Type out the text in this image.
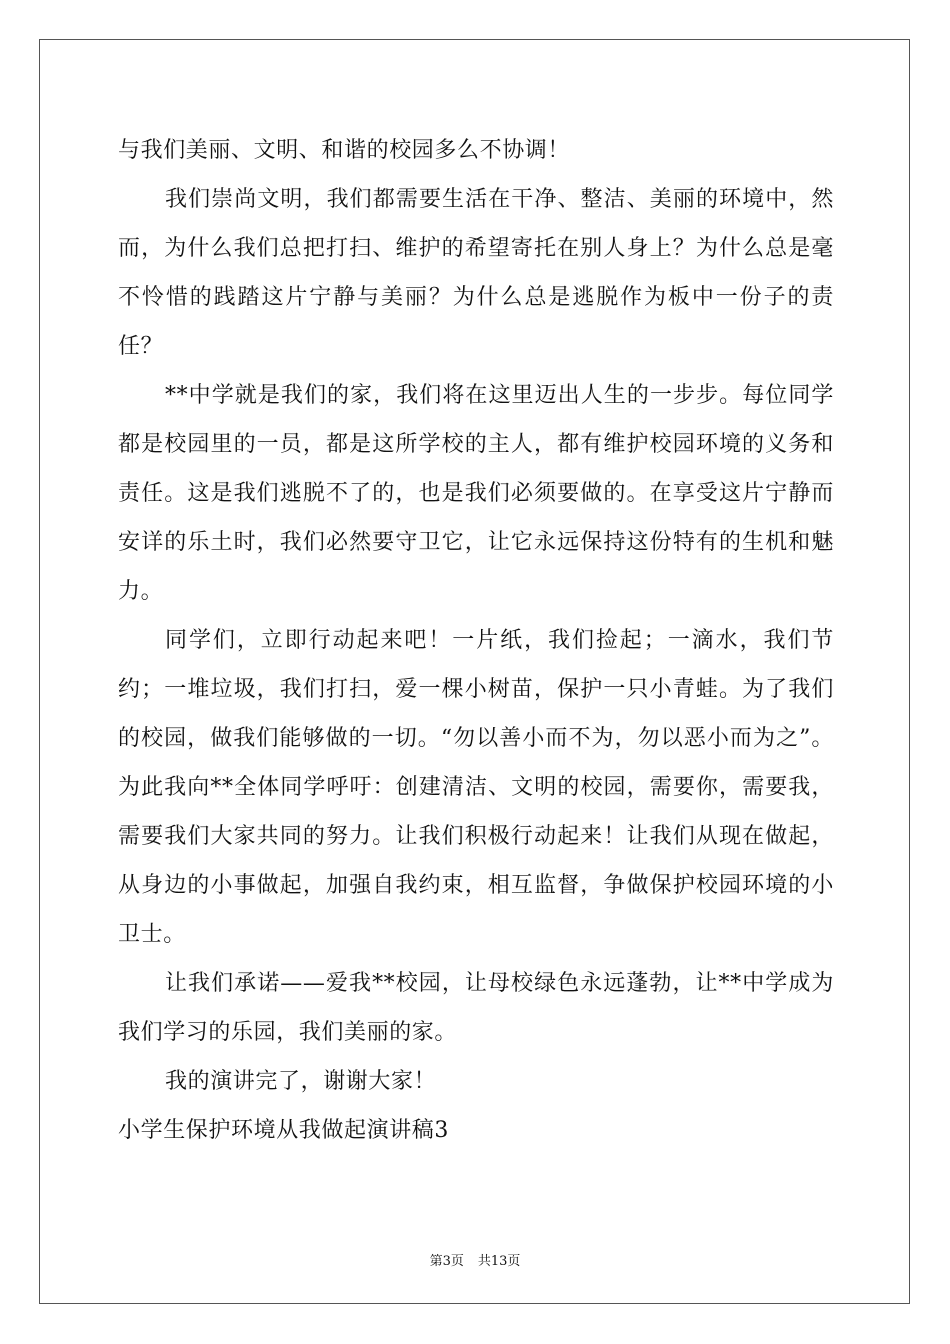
与我们美丽、文明、和谐的校园多么不协调！

我们崇尚文明，我们都需要生活在干净、整洁、美丽的环境中，然而，为什么我们总把打扫、维护的希望寄托在别人身上？为什么总是毫不怜惜的践踏这片宁静与美丽？为什么总是逃脱作为板中一份子的责任？

**中学就是我们的家，我们将在这里迈出人生的一步步。每位同学都是校园里的一员，都是这所学校的主人，都有维护校园环境的义务和责任。这是我们逃脱不了的，也是我们必须要做的。在享受这片宁静而安详的乐土时，我们必然要守卫它，让它永远保持这份特有的生机和魅力。

同学们，立即行动起来吧！一片纸，我们捡起；一滴水，我们节约；一堆垃圾，我们打扫，爱一棵小树苗，保护一只小青蛙。为了我们的校园，做我们能够做的一切。“勿以善小而不为，勿以恶小而为之”。为此我向**全体同学呼吁：创建清洁、文明的校园，需要你，需要我，需要我们大家共同的努力。让我们积极行动起来！让我们从现在做起，从身边的小事做起，加强自我约束，相互监督，争做保护校园环境的小卫士。

让我们承诺——爱我**校园，让母校绿色永远蓬勃，让**中学成为我们学习的乐园，我们美丽的家。

我的演讲完了，谢谢大家！

小学生保护环境从我做起演讲稿3

第3页 共13页
